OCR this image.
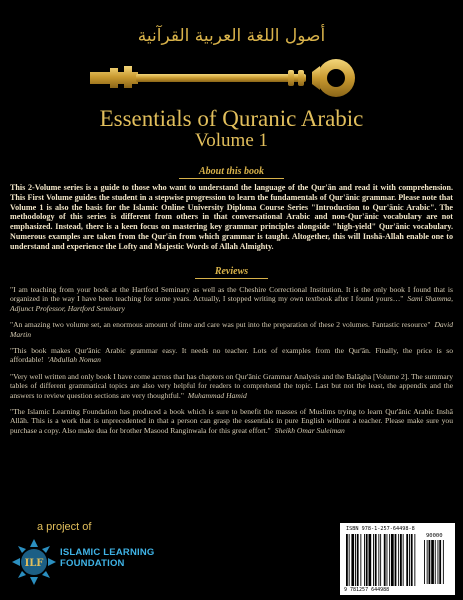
أصول اللغة العربية القرآنية
Essentials of Quranic Arabic
Volume 1
About this book
This 2-Volume series is a guide to those who want to understand the language of the Qur'ān and read it with comprehension. This First Volume guides the student in a stepwise progression to learn the fundamentals of Qur'ānic grammar. Please note that Volume 1 is also the basis for the Islamic Online University Diploma Course Series "Introduction to Qur'ānic Arabic". The methodology of this series is different from others in that conversational Arabic and non-Qur'ānic vocabulary are not emphasized. Instead, there is a keen focus on mastering key grammar principles alongside "high-yield" Qur'ānic vocabulary. Numerous examples are taken from the Qur'ān from which grammar is taught. Altogether, this will Inshā-Allah enable one to understand and experience the Lofty and Majestic Words of Allah Almighty.
Reviews
"I am teaching from your book at the Hartford Seminary as well as the Cheshire Correctional Institution. It is the only book I found that is organized in the way I have been teaching for some years. Actually, I stopped writing my own textbook after I found yours…" Sami Shamma, Adjunct Professor, Hartford Seminary
"An amazing two volume set, an enormous amount of time and care was put into the preparation of these 2 volumes. Fantastic resource" David Martin
"This book makes Qur'ānic Arabic grammar easy. It needs no teacher. Lots of examples from the Qur'ān. Finally, the price is so affordable! 'Abdullah Noman
"Very well written and only book I have come across that has chapters on Qur'ānic Grammar Analysis and the Balāgha [Volume 2]. The summary tables of different grammatical topics are also very helpful for readers to comprehend the topic. Last but not the least, the appendix and the answers to review question sections are very thoughtful." Muhammad Hamid
"The Islamic Learning Foundation has produced a book which is sure to benefit the masses of Muslims trying to learn Qur'ānic Arabic Inshā Allāh. This is a work that is unprecedented in that a person can grasp the essentials in pure English without a teacher. Please make sure you purchase a copy. Also make dua for brother Masood Ranginwala for this great effort." Sheikh Omar Suleiman
a project of
ILF
ISLAMIC LEARNING
FOUNDATION
ISBN 978-1-257-64498-8
90000
9 781257 644988
